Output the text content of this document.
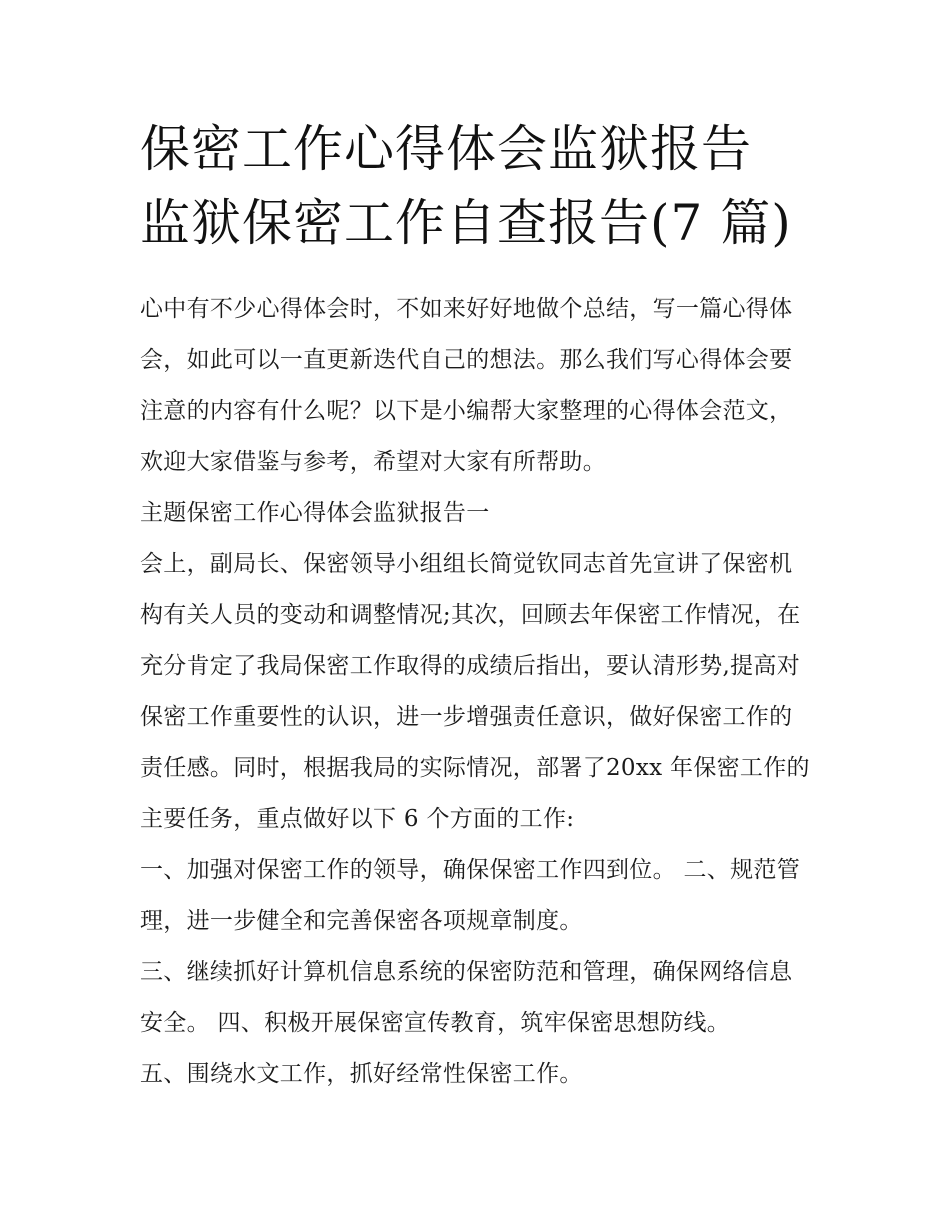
保密工作心得体会监狱报告 监狱保密工作自查报告(7 篇)

心中有不少心得体会时，不如来好好地做个总结，写一篇心得体会，如此可以一直更新迭代自己的想法。那么我们写心得体会要注意的内容有什么呢？以下是小编帮大家整理的心得体会范文，欢迎大家借鉴与参考，希望对大家有所帮助。

主题保密工作心得体会监狱报告一

会上，副局长、保密领导小组组长简觉钦同志首先宣讲了保密机构有关人员的变动和调整情况;其次，回顾去年保密工作情况，在充分肯定了我局保密工作取得的成绩后指出，要认清形势,提高对保密工作重要性的认识，进一步增强责任意识，做好保密工作的责任感。同时，根据我局的实际情况，部署了20xx 年保密工作的主要任务，重点做好以下 6 个方面的工作:

一、加强对保密工作的领导，确保保密工作四到位。 二、规范管理，进一步健全和完善保密各项规章制度。

三、继续抓好计算机信息系统的保密防范和管理，确保网络信息安全。 四、积极开展保密宣传教育，筑牢保密思想防线。

五、围绕水文工作，抓好经常性保密工作。
